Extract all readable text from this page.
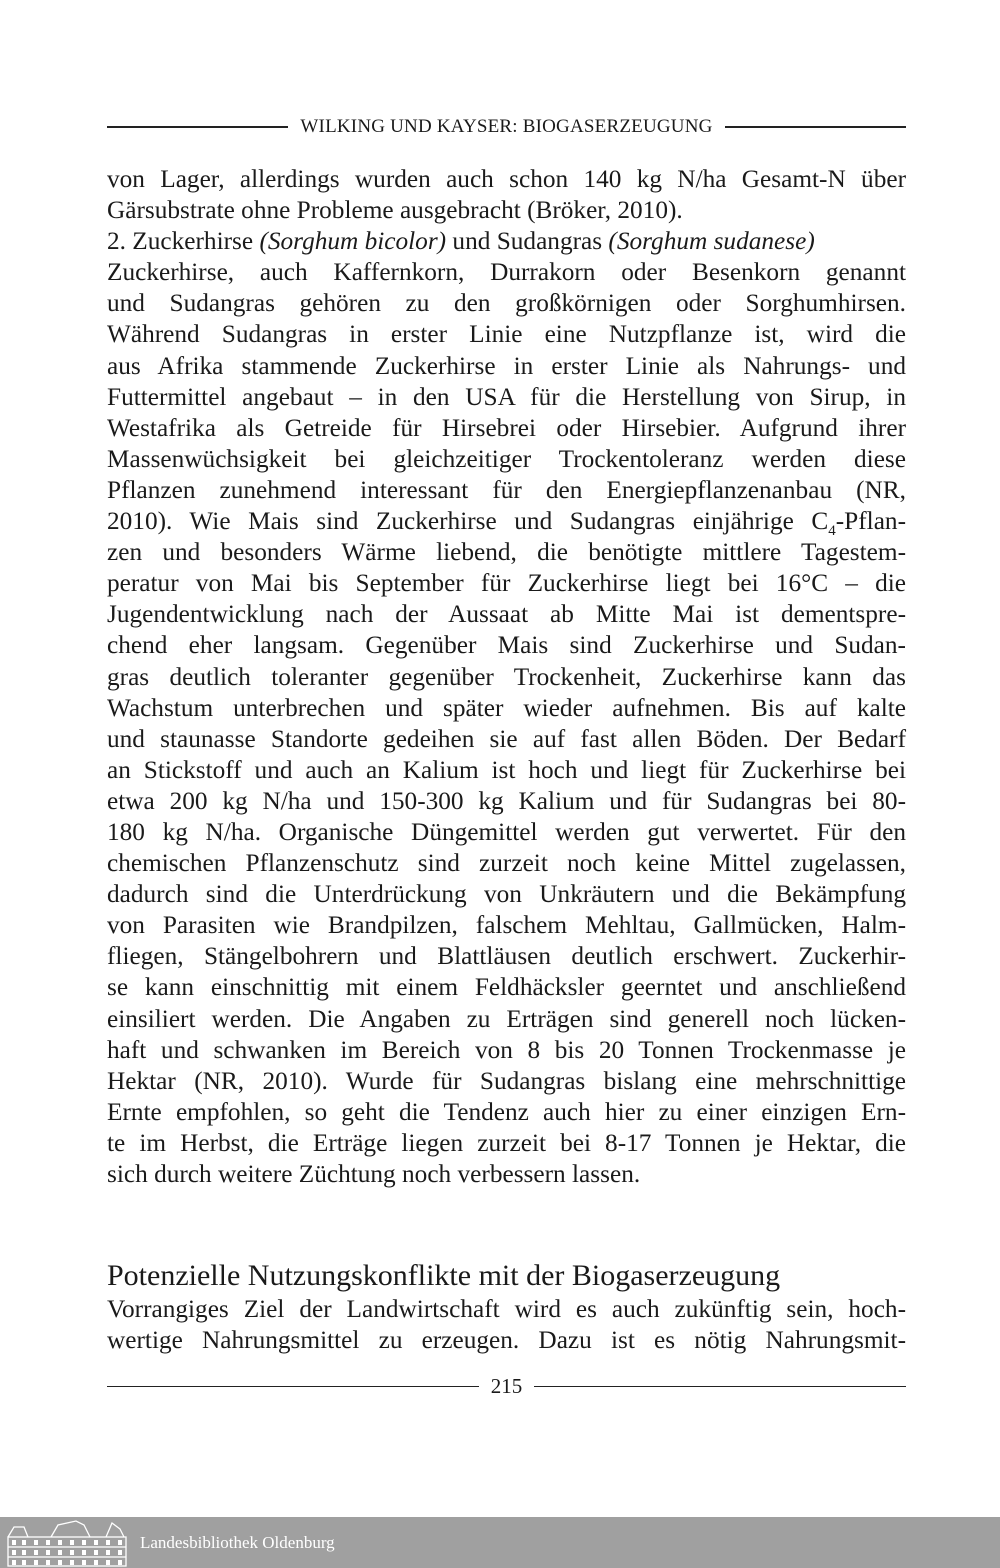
WILKING UND KAYSER: BIOGASERZEUGUNG
von Lager, allerdings wurden auch schon 140 kg N/ha Gesamt-N über
Gärsubstrate ohne Probleme ausgebracht (Bröker, 2010).
2. Zuckerhirse (Sorghum bicolor) und Sudangras (Sorghum sudanese)
Zuckerhirse, auch Kaffernkorn, Durrakorn oder Besenkorn genannt
und Sudangras gehören zu den großkörnigen oder Sorghumhirsen.
Während Sudangras in erster Linie eine Nutzpflanze ist, wird die
aus Afrika stammende Zuckerhirse in erster Linie als Nahrungs- und
Futtermittel angebaut – in den USA für die Herstellung von Sirup, in
Westafrika als Getreide für Hirsebrei oder Hirsebier. Aufgrund ihrer
Massenwüchsigkeit bei gleichzeitiger Trockentoleranz werden diese
Pflanzen zunehmend interessant für den Energiepflanzenanbau (NR,
2010). Wie Mais sind Zuckerhirse und Sudangras einjährige $C_4-Pflan-$
zen und besonders Wärme liebend, die benötigte mittlere Tagestem-
peratur von Mai bis September für Zuckerhirse liegt bei 16°C – die
Jugendentwicklung nach der Aussaat ab Mitte Mai ist dementspre-
chend eher langsam. Gegenüber Mais sind Zuckerhirse und Sudan-
gras deutlich toleranter gegenüber Trockenheit, Zuckerhirse kann das
Wachstum unterbrechen und später wieder aufnehmen. Bis auf kalte
und staunasse Standorte gedeihen sie auf fast allen Böden. Der Bedarf
an Stickstoff und auch an Kalium ist hoch und liegt für Zuckerhirse bei
etwa 200 kg N/ha und 150-300 kg Kalium und für Sudangras bei 80-
180 kg N/ha. Organische Düngemittel werden gut verwertet. Für den
chemischen Pflanzenschutz sind zurzeit noch keine Mittel zugelassen,
dadurch sind die Unterdrückung von Unkräutern und die Bekämpfung
von Parasiten wie Brandpilzen, falschem Mehltau, Gallmücken, Halm-
fliegen, Stängelbohrern und Blattläusen deutlich erschwert. Zuckerhir-
se kann einschnittig mit einem Feldhäcksler geerntet und anschließend
einsiliert werden. Die Angaben zu Erträgen sind generell noch lücken-
haft und schwanken im Bereich von 8 bis 20 Tonnen Trockenmasse je
Hektar (NR, 2010). Wurde für Sudangras bislang eine mehrschnittige
Ernte empfohlen, so geht die Tendenz auch hier zu einer einzigen Ern-
te im Herbst, die Erträge liegen zurzeit bei 8-17 Tonnen je Hektar, die
sich durch weitere Züchtung noch verbessern lassen.
Potenzielle Nutzungskonflikte mit der Biogaserzeugung
Vorrangiges Ziel der Landwirtschaft wird es auch zukünftig sein, hoch-
wertige Nahrungsmittel zu erzeugen. Dazu ist es nötig Nahrungsmit-
215
Landesbibliothek Oldenburg
